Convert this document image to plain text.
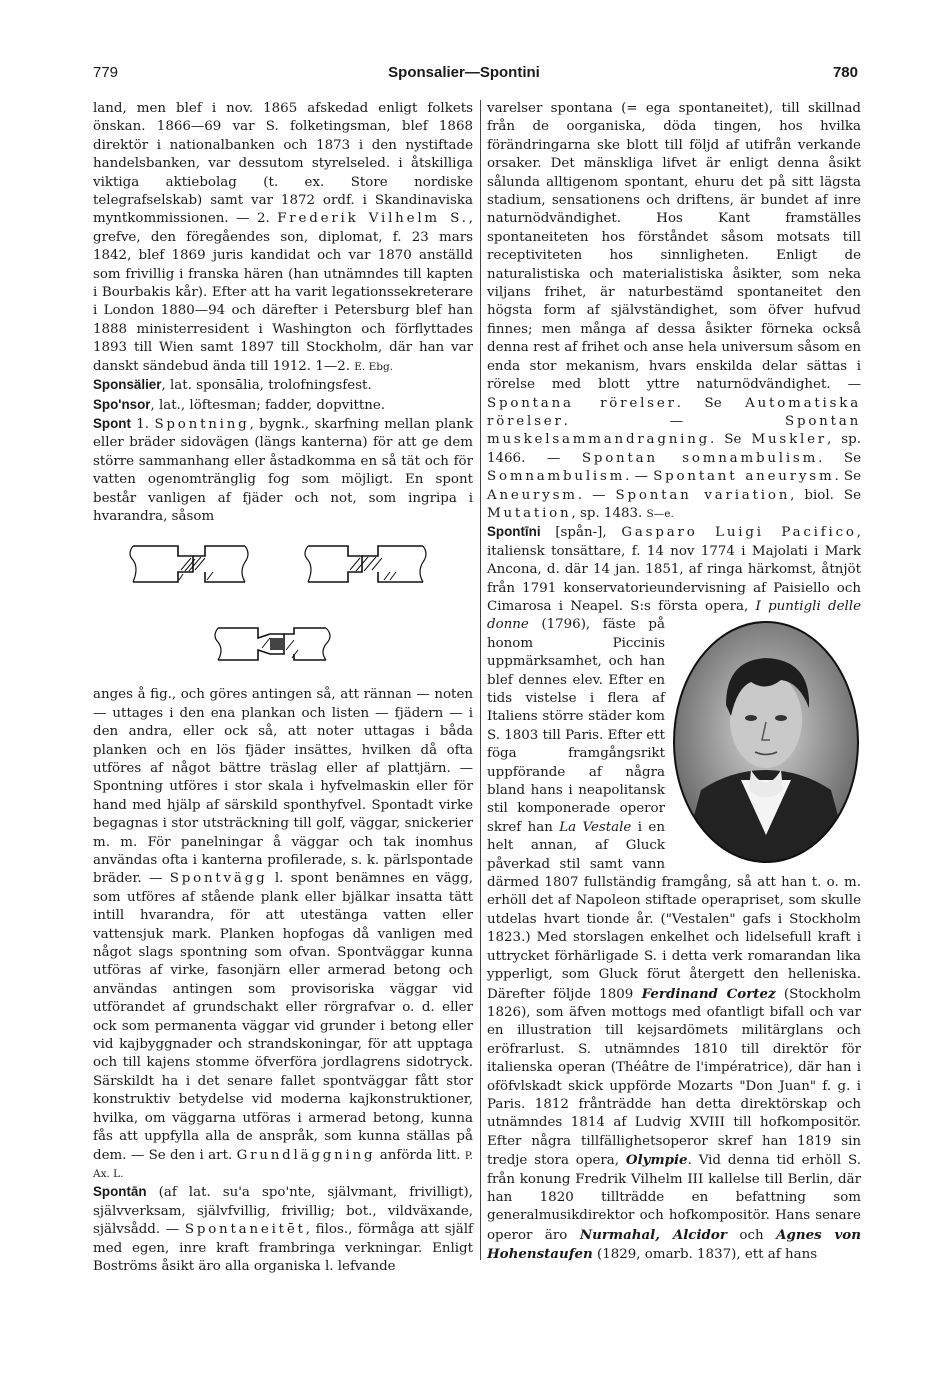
779	Sponsalier—Spontini	780

land, men blef i nov. 1865 afskedad enligt folkets önskan. 1866—69 var S. folketingsman, blef 1868 direktör i nationalbanken och 1873 i den nystiftade handelsbanken, var dessutom styrelseled. i åtskilliga viktiga aktiebolag (t. ex. Store nordiske telegrafselskab) samt var 1872 ordf. i Skandinaviska myntkommissionen. — 2. Frederik Vilhelm S., grefve, den föregåendes son, diplomat, f. 23 mars 1842, blef 1869 juris kandidat och var 1870 anställd som frivillig i franska hären (han utnämndes till kapten i Bourbakis kår). Efter att ha varit legationssekreterare i London 1880—94 och därefter i Petersburg blef han 1888 ministerresident i Washington och förflyttades 1893 till Wien samt 1897 till Stockholm, där han var danskt sändebud ända till 1912. 1—2. E. Ebg.

Sponsälier, lat. sponsālia, trolofningsfest.

Spo'nsor, lat., löftesman; fadder, dopvittne.

Spont 1. Spontning, bygnk., skarfning mellan plank eller bräder sidovägen (längs kanterna) för att ge dem större sammanhang eller åstadkomma en så tät och för vatten ogenomtränglig fog som möjligt. En spont består vanligen af fjäder och not, som ingripa i hvarandra, såsom

anges å fig., och göres antingen så, att rännan — noten — uttages i den ena plankan och listen — fjädern — i den andra, eller ock så, att noter uttagas i båda planken och en lös fjäder insättes, hvilken då ofta utföres af något bättre träslag eller af plattjärn. — Spontning utföres i stor skala i hyfvelmaskin eller för hand med hjälp af särskild sponthyfvel. Spontadt virke begagnas i stor utsträckning till golf, väggar, snickerier m. m. För panelningar å väggar och tak inomhus användas ofta i kanterna profilerade, s. k. pärlspontade bräder. — Spontvägg l. spont benämnes en vägg, som utföres af stående plank eller bjälkar insatta tätt intill hvarandra, för att utestänga vatten eller vattensjuk mark. Planken hopfogas då vanligen med något slags spontning som ofvan. Spontväggar kunna utföras af virke, fasonjärn eller armerad betong och användas antingen som provisoriska väggar vid utförandet af grundschakt eller rörgrafvar o. d. eller ock som permanenta väggar vid grunder i betong eller vid kajbyggnader och strandskoningar, för att upptaga och till kajens stomme öfverföra jordlagrens sidotryck. Särskildt ha i det senare fallet spontväggar fått stor konstruktiv betydelse vid moderna kajkonstruktioner, hvilka, om väggarna utföras i armerad betong, kunna fås att uppfylla alla de anspråk, som kunna ställas på dem. — Se den i art. Grundläggning anförda litt. P. Ax. L.

Spontān (af lat. su'a spo'nte, självmant, frivilligt), självverksam, självfvillig, frivillig; bot., vildväxande, självsådd. — Spontaneitēt, filos., förmåga att själf med egen, inre kraft frambringa verkningar. Enligt Boströms åsikt äro alla organiska l. lefvande

varelser spontana (= ega spontaneitet), till skillnad från de oorganiska, döda tingen, hos hvilka förändringarna ske blott till följd af utifrån verkande orsaker. Det mänskliga lifvet är enligt denna åsikt sålunda alltigenom spontant, ehuru det på sitt lägsta stadium, sensationens och driftens, är bundet af inre naturnödvändighet. Hos Kant framställes spontaneiteten hos förståndet såsom motsats till receptiviteten hos sinnligheten. Enligt de naturalistiska och materialistiska åsikter, som neka viljans frihet, är naturbestämd spontaneitet den högsta form af självständighet, som öfver hufvud finnes; men många af dessa åsikter förneka också denna rest af frihet och anse hela universum såsom en enda stor mekanism, hvars enskilda delar sättas i rörelse med blott yttre naturnödvändighet. — Spontana rörelser. Se Automatiska rörelser. —	Spontan muskelsammandragning. Se Muskler, sp. 1466. — Spontan somnambulism. Se Somnambulism. — Spontant aneurysm. Se Aneurysm. — Spontan variation, biol. Se Mutation, sp. 1483. S—e.

Spontīni [spån-], Gasparo Luigi Pacifico, italiensk tonsättare, f. 14 nov 1774 i Majolati i Mark Ancona, d. där 14 jan. 1851, af ringa härkomst, åtnjöt från 1791 konservatorieundervisning af Paisiello och Cimarosa i Neapel. S:s första opera, I puntigli delle donne (1796), fäste på honom Piccinis uppmärksamhet, och han blef dennes elev. Efter en tids vistelse i flera af Italiens större städer kom S. 1803 till Paris. Efter ett föga framgångsrikt uppförande af några bland hans i neapolitansk stil komponerade operor skref han La Vestale i en helt annan, af Gluck påverkad stil samt vann därmed 1807 fullständig framgång, så att han t. o. m. erhöll det af Napoleon stiftade operapriset, som skulle utdelas hvart tionde år. ("Vestalen" gafs i Stockholm 1823.) Med storslagen enkelhet och lidelsefull kraft i uttrycket förhärligade S. i detta verk romarandan lika ypperligt, som Gluck förut återgett den helleniska. Därefter följde 1809 Ferdinand Cortez (Stockholm 1826), som äfven mottogs med ofantligt bifall och var en illustration till kejsardömets militärglans och eröfrarlust. S. utnämndes 1810 till direktör för italienska operan (Théâtre de l'impératrice), där han i oföfvlskadt skick uppförde Mozarts "Don Juan" f. g. i Paris. 1812 frånträdde han detta direktörskap och utnämndes 1814 af Ludvig XVIII till hofkompositör. Efter några tillfällighetsoperor skref han 1819 sin tredje stora opera, Olympie. Vid denna tid erhöll S. från konung Fredrik Vilhelm III kallelse till Berlin, där han 1820 tillträdde en befattning som generalmusikdirektor och hofkompositör. Hans senare operor äro Nurmahal, Alcidor och Agnes von Hohenstaufen (1829, omarb. 1837), ett af hans
